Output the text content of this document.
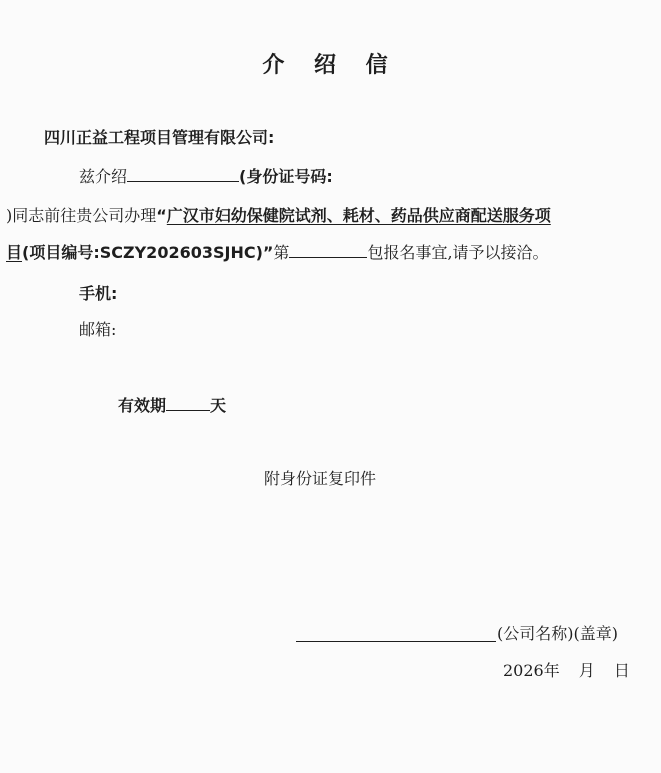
介 绍 信
四川正益工程项目管理有限公司:
兹介绍	(身份证号码:
)同志前往贵公司办理“广汉市妇幼保健院试剂、耗材、药品供应商配送服务项
目(项目编号:SCZY202603SJHC)”第	包报名事宜,请予以接洽。
手机:
邮箱:
有效期	天
附身份证复印件
(公司名称)(盖章)
2026年 月 日
